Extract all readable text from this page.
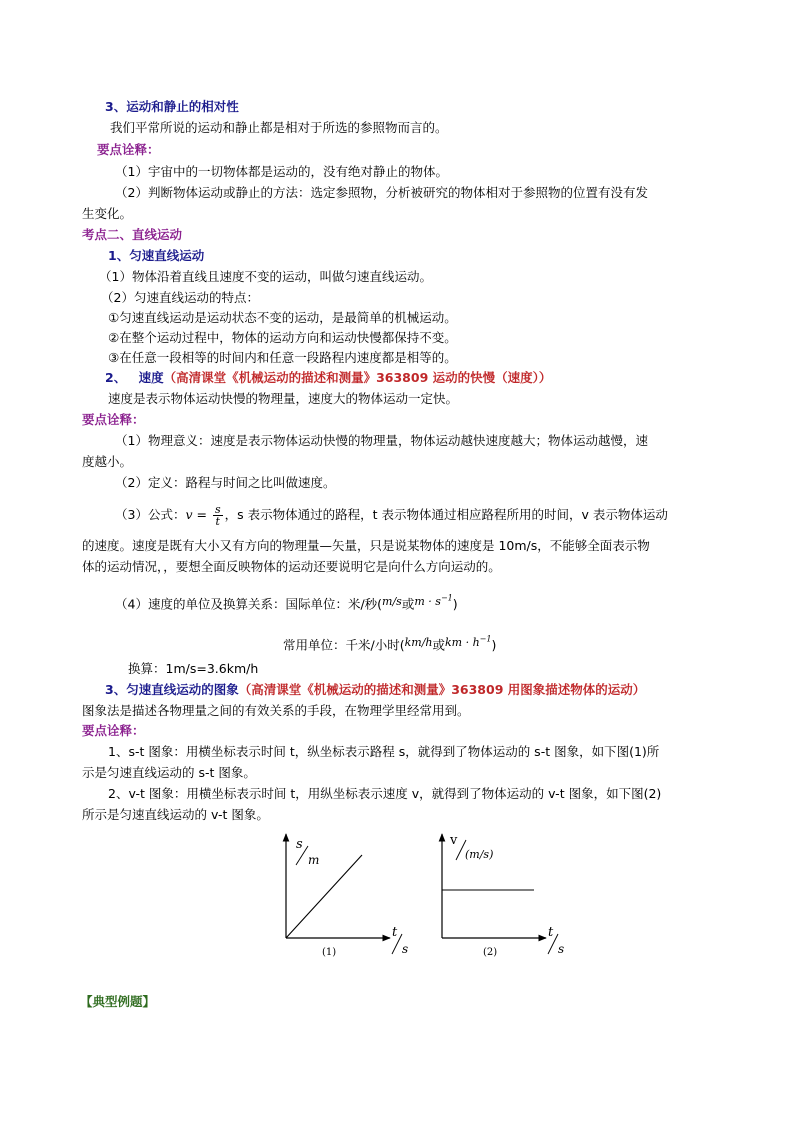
3、运动和静止的相对性
我们平常所说的运动和静止都是相对于所选的参照物而言的。
要点诠释：
（1）宇宙中的一切物体都是运动的，没有绝对静止的物体。
（2）判断物体运动或静止的方法：选定参照物，分析被研究的物体相对于参照物的位置有没有发
生变化。
考点二、直线运动
1、匀速直线运动
（1）物体沿着直线且速度不变的运动，叫做匀速直线运动。
（2）匀速直线运动的特点：
①匀速直线运动是运动状态不变的运动，是最简单的机械运动。
②在整个运动过程中，物体的运动方向和运动快慢都保持不变。
③在任意一段相等的时间内和任意一段路程内速度都是相等的。
2、 速度（高清课堂《机械运动的描述和测量》363809 运动的快慢（速度））
速度是表示物体运动快慢的物理量，速度大的物体运动一定快。
要点诠释：
（1）物理意义：速度是表示物体运动快慢的物理量，物体运动越快速度越大；物体运动越慢，速
度越小。
（2）定义：路程与时间之比叫做速度。
（3）公式：$v = \frac{s}{t}$ ，s 表示物体通过的路程，t 表示物体通过相应路程所用的时间，v 表示物体运动
的速度。速度是既有大小又有方向的物理量—矢量，只是说某物体的速度是 10m/s，不能够全面表示物
体的运动情况，，要想全面反映物体的运动还要说明它是向什么方向运动的。
（4）速度的单位及换算关系：国际单位：米/秒(m/s或$m \cdot s^{-1}$)
常用单位：千米/小时(km/h或km · $h^{-1}$)
换算：1m/s=3.6km/h
3、匀速直线运动的图象（高清课堂《机械运动的描述和测量》363809 用图象描述物体的运动）
图象法是描述各物理量之间的有效关系的手段，在物理学里经常用到。
要点诠释：
1、s-t 图象：用横坐标表示时间 t，纵坐标表示路程 s，就得到了物体运动的 s-t 图象，如下图(1)所
示是匀速直线运动的 s-t 图象。
2、v-t 图象：用横坐标表示时间 t，用纵坐标表示速度 v，就得到了物体运动的 v-t 图象，如下图(2)
所示是匀速直线运动的 v-t 图象。
s
m
t
s
(1)
v
(m/s)
t
s
(2)
【典型例题】
